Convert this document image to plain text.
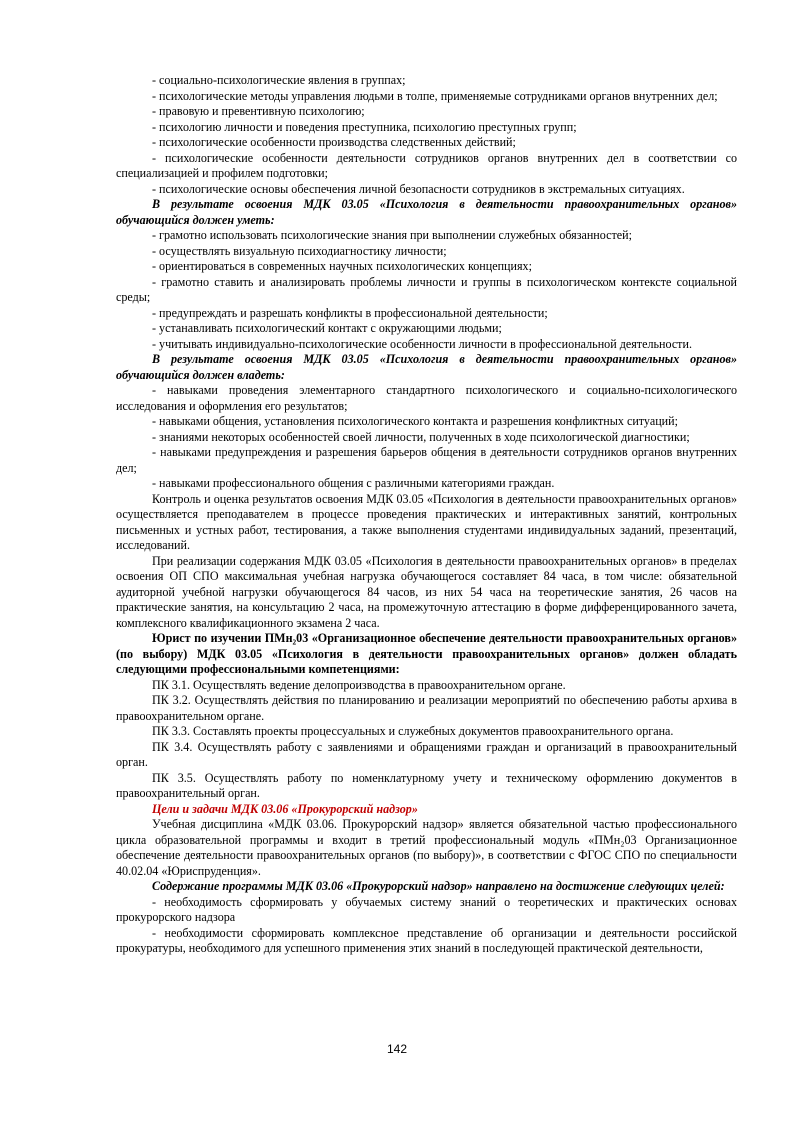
- социально-психологические явления в группах;

- психологические методы управления людьми в толпе, применяемые сотрудниками органов внутренних дел;

- правовую и превентивную психологию;

- психологию личности и поведения преступника, психологию преступных групп;

- психологические особенности производства следственных действий;

- психологические особенности деятельности сотрудников органов внутренних дел в соответствии со специализацией и профилем подготовки;

- психологические основы обеспечения личной безопасности сотрудников в экстремальных ситуациях.

В результате освоения МДК 03.05 «Психология в деятельности правоохранительных органов» обучающийся должен уметь:

- грамотно использовать психологические знания при выполнении служебных обязанностей;

- осуществлять визуальную психодиагностику личности;

- ориентироваться в современных научных психологических концепциях;

- грамотно ставить и анализировать проблемы личности и группы в психологическом контексте социальной среды;

- предупреждать и разрешать конфликты в профессиональной деятельности;

- устанавливать психологический контакт с окружающими людьми;

- учитывать индивидуально-психологические особенности личности в профессиональной деятельности.

В результате освоения МДК 03.05 «Психология в деятельности правоохранительных органов» обучающийся должен владеть:

- навыками проведения элементарного стандартного психологического и социально-психологического исследования и оформления его результатов;

- навыками общения, установления психологического контакта и разрешения конфликтных ситуаций;

- знаниями некоторых особенностей своей личности, полученных в ходе психологической диагностики;

- навыками предупреждения и разрешения барьеров общения в деятельности сотрудников органов внутренних дел;

- навыками профессионального общения с различными категориями граждан.

Контроль и оценка результатов освоения МДК 03.05 «Психология в деятельности правоохранительных органов» осуществляется преподавателем в процессе проведения практических и интерактивных занятий, контрольных письменных и устных работ, тестирования, а также выполнения студентами индивидуальных заданий, презентаций, исследований.

При реализации содержания МДК 03.05 «Психология в деятельности правоохранительных органов» в пределах освоения ОП СПО максимальная учебная нагрузка обучающегося составляет 84 часа, в том числе: обязательной аудиторной учебной нагрузки обучающегося 84 часов, из них 54 часа на теоретические занятия, 26 часов на практические занятия, на консультацию 2 часа, на промежуточную аттестацию в форме дифференцированного зачета, комплексного квалификационного экзамена 2 часа.

Юрист по изучении ПМн₂03 «Организационное обеспечение деятельности правоохранительных органов» (по выбору) МДК 03.05 «Психология в деятельности правоохранительных органов» должен обладать следующими профессиональными компетенциями:

ПК 3.1. Осуществлять ведение делопроизводства в правоохранительном органе.

ПК 3.2. Осуществлять действия по планированию и реализации мероприятий по обеспечению работы архива в правоохранительном органе.

ПК 3.3. Составлять проекты процессуальных и служебных документов правоохранительного органа.

ПК 3.4. Осуществлять работу с заявлениями и обращениями граждан и организаций в правоохранительный орган.

ПК 3.5. Осуществлять работу по номенклатурному учету и техническому оформлению документов в правоохранительный орган.

Цели и задачи МДК 03.06 «Прокурорский надзор»

Учебная дисциплина «МДК 03.06. Прокурорский надзор» является обязательной частью профессионального цикла образовательной программы и входит в третий профессиональный модуль «ПМн₂03 Организационное обеспечение деятельности правоохранительных органов (по выбору)», в соответствии с ФГОС СПО по специальности 40.02.04 «Юриспруденция».

Содержание программы МДК 03.06 «Прокурорский надзор» направлено на достижение следующих целей:

- необходимость сформировать у обучаемых систему знаний о теоретических и практических основах прокурорского надзора

- необходимости сформировать комплексное представление об организации и деятельности российской прокуратуры, необходимого для успешного применения этих знаний в последующей практической деятельности,

142
